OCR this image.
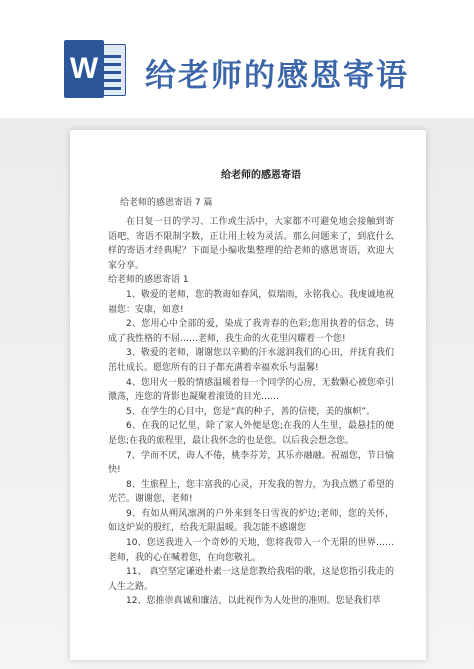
W 给老师的感恩寄语
给老师的感恩寄语
给老师的感恩寄语 7 篇

在日复一日的学习、工作或生活中，大家都不可避免地会接触到寄语吧，寄语不限制字数，正让用上较为灵活。那么问题来了，到底什么样的寄语才经典呢？下面是小编收集整理的给老师的感恩寄语，欢迎大家分享。

给老师的感恩寄语 1

1、敬爱的老师，您的教诲如春风，似瑞雨，永铭我心。我虔诚地祝福您：安康，如意!

2、您用心中全部的爱，染成了我青春的色彩;您用执着的信念，铸成了我性格的不屈……老师，我生命的火花里闪耀着一个您!

3、敬爱的老师，谢谢您以辛勤的汗水滋润我们的心田，并抚育我们茁壮成长。愿您所有的日子都充满着幸福欢乐与温馨!

4、您用火一般的情感温暖着每一个同学的心房，无数颗心被您牵引激荡，连您的背影也凝聚着滚烫的目光……

5、在学生的心目中，您是“真的种子，善的信使，美的旗帜”。

6、在我的记忆里，除了家人外便是您;在我的人生里，最悬挂的便是您;在我的旅程里，最让我怀念的也是您。以后我会想念您。

7、学而不厌，诲人不倦，桃李芬芳，其乐亦融融。祝福您，节日愉快!

8、生旅程上，您丰富我的心灵，开发我的智力，为我点燃了希望的光芒。谢谢您，老师!

9、有如从朔风凛冽的户外来到冬日雪夜的炉边;老师，您的关怀，如这炉炭的殷红，给我无限温暖。我怎能不感谢您

10、您送我进入一个奇妙的天地，您将我带入一个无限的世界……老师，我的心在喊着您，在向您敬礼。

11、 真空坚定谦逊朴素一这是您教给我唱的歌，这是您指引我走的人生之路。

12、您推崇真诚和廉洁，以此视作为人处世的准则。您是我们萃
